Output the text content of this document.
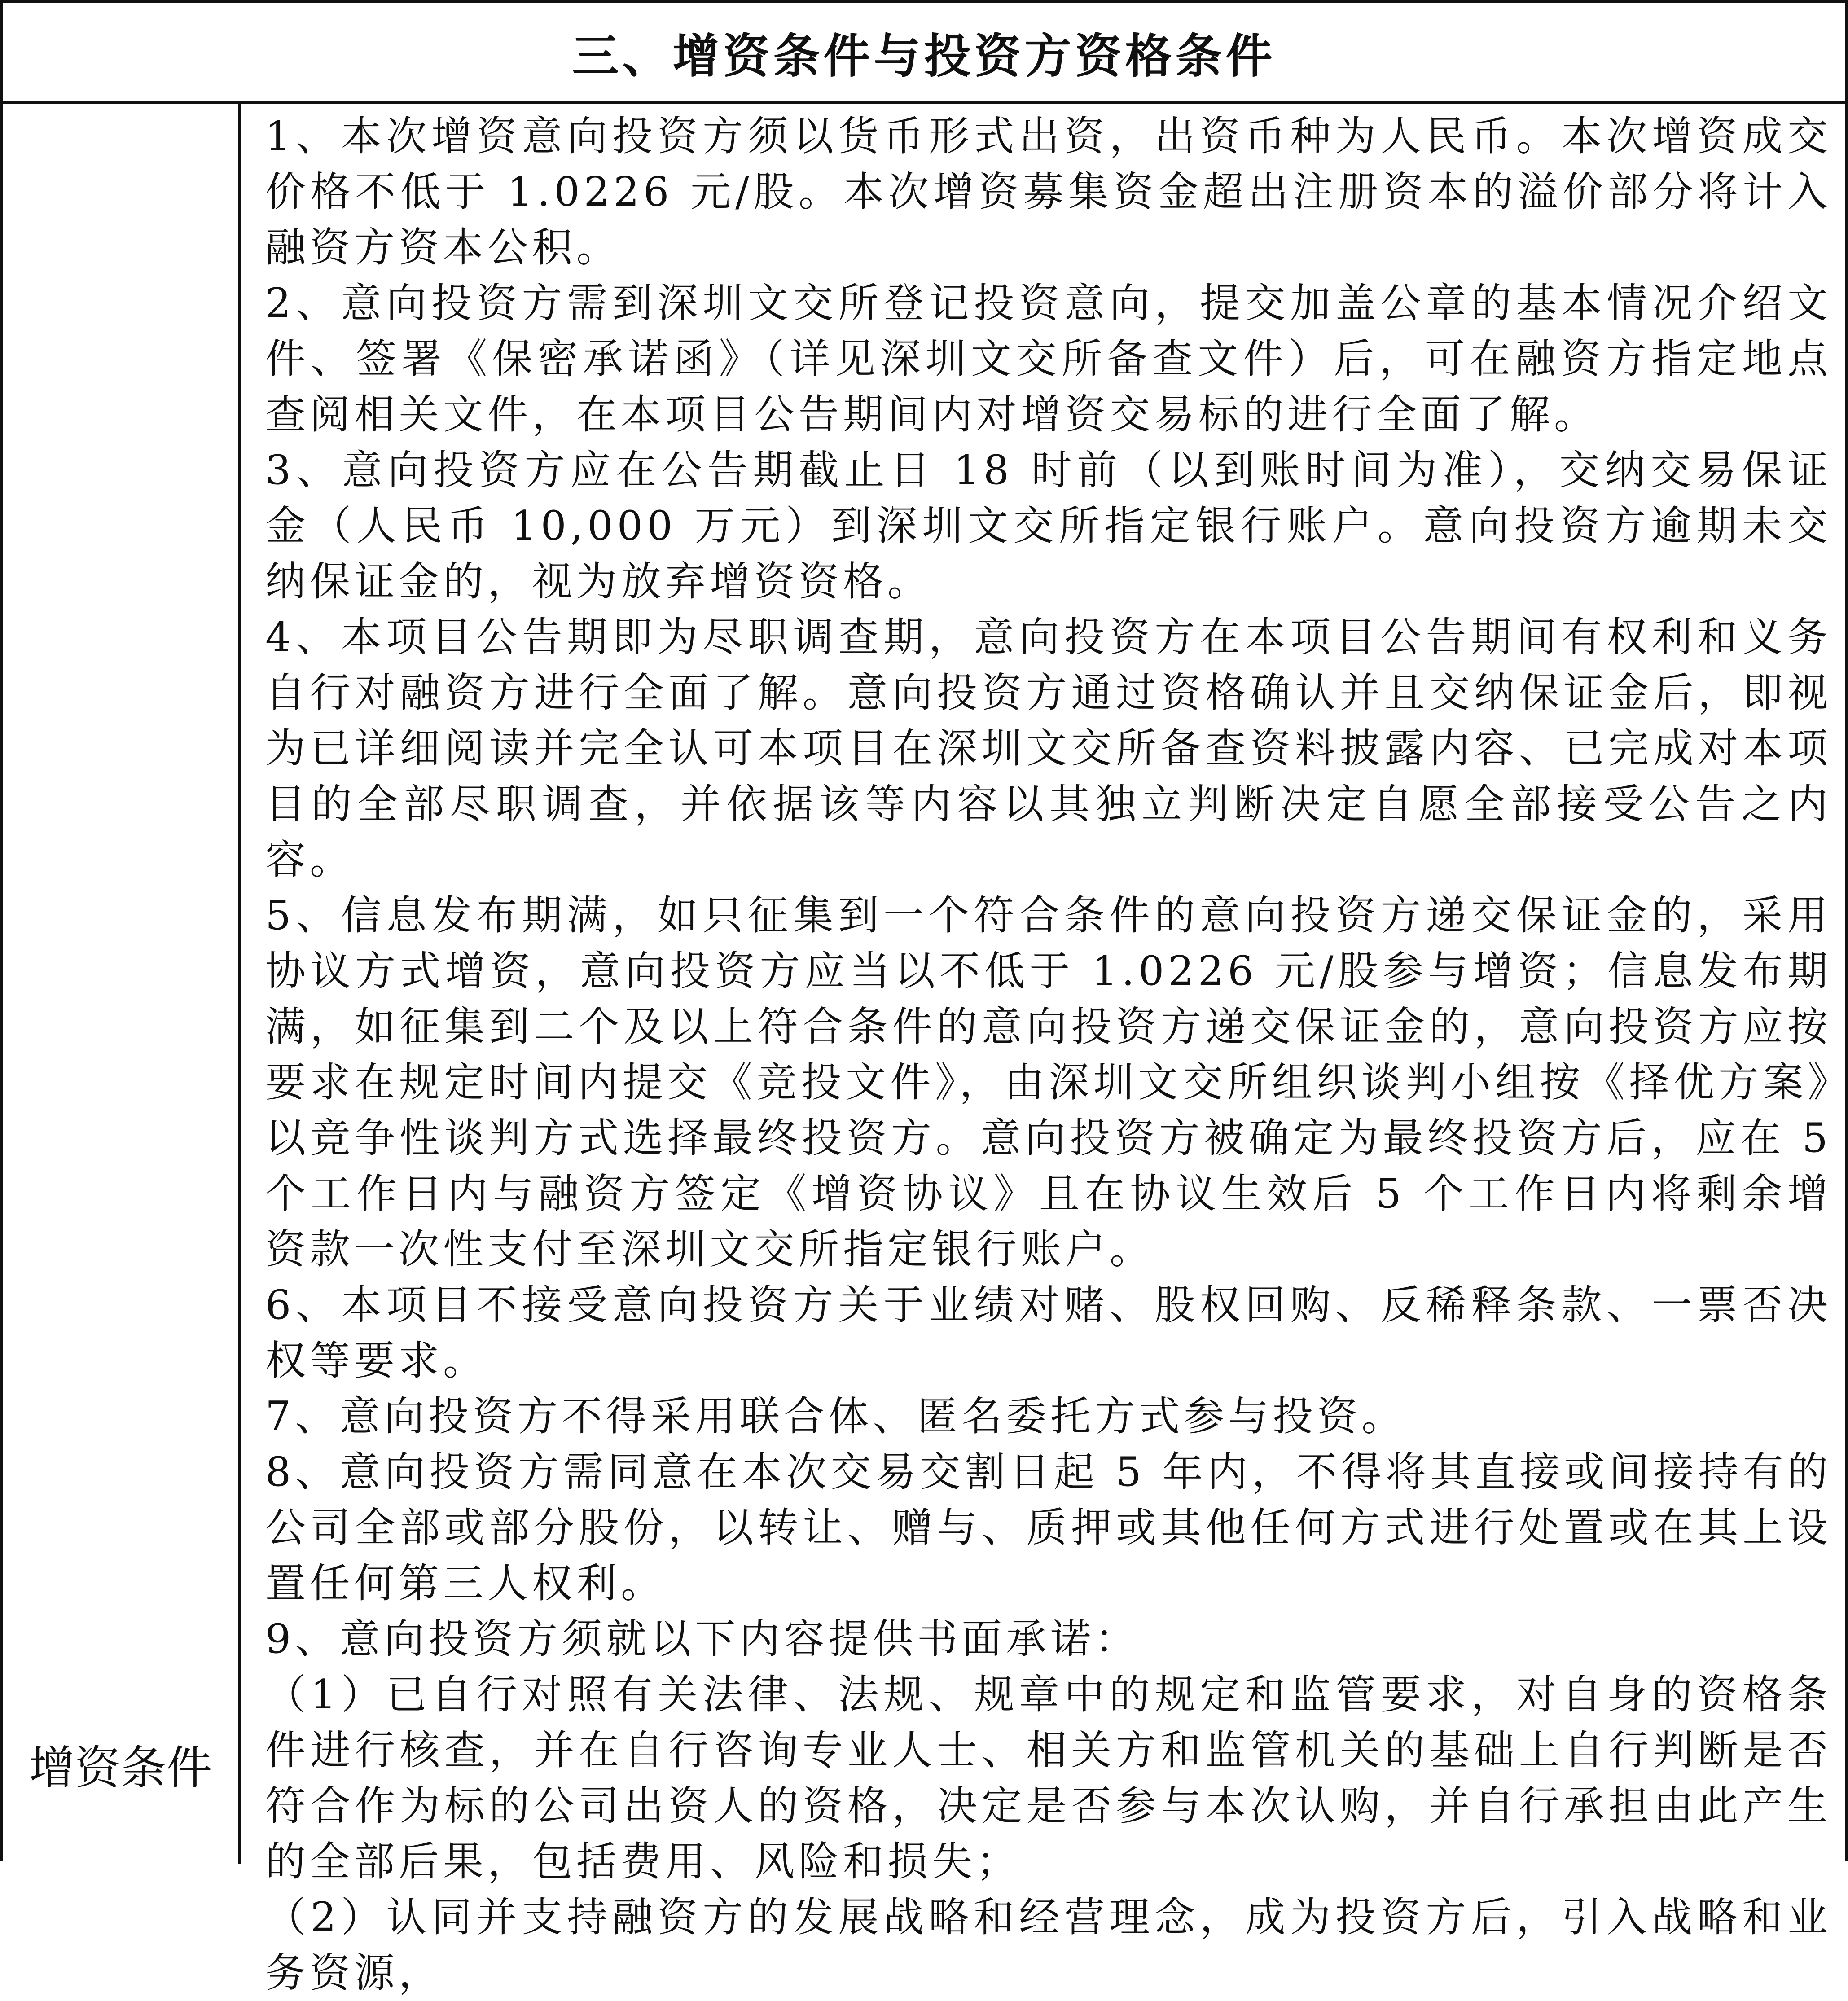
三、增资条件与投资方资格条件
增资条件

1、本次增资意向投资方须以货币形式出资，出资币种为人民币。本次增资成交价格不低于 1.0226 元/股。本次增资募集资金超出注册资本的溢价部分将计入融资方资本公积。

2、意向投资方需到深圳文交所登记投资意向，提交加盖公章的基本情况介绍文件、签署《保密承诺函》（详见深圳文交所备查文件）后，可在融资方指定地点查阅相关文件，在本项目公告期间内对增资交易标的进行全面了解。

3、意向投资方应在公告期截止日 18 时前（以到账时间为准），交纳交易保证金（人民币 10,000 万元）到深圳文交所指定银行账户。意向投资方逾期未交纳保证金的，视为放弃增资资格。

4、本项目公告期即为尽职调查期，意向投资方在本项目公告期间有权利和义务自行对融资方进行全面了解。意向投资方通过资格确认并且交纳保证金后，即视为已详细阅读并完全认可本项目在深圳文交所备查资料披露内容、已完成对本项目的全部尽职调查，并依据该等内容以其独立判断决定自愿全部接受公告之内容。

5、信息发布期满，如只征集到一个符合条件的意向投资方递交保证金的，采用协议方式增资，意向投资方应当以不低于 1.0226 元/股参与增资；信息发布期满，如征集到二个及以上符合条件的意向投资方递交保证金的，意向投资方应按要求在规定时间内提交《竞投文件》，由深圳文交所组织谈判小组按《择优方案》以竞争性谈判方式选择最终投资方。意向投资方被确定为最终投资方后，应在 5 个工作日内与融资方签定《增资协议》且在协议生效后 5 个工作日内将剩余增资款一次性支付至深圳文交所指定银行账户。

6、本项目不接受意向投资方关于业绩对赌、股权回购、反稀释条款、一票否决权等要求。

7、意向投资方不得采用联合体、匿名委托方式参与投资。

8、意向投资方需同意在本次交易交割日起 5 年内，不得将其直接或间接持有的公司全部或部分股份，以转让、赠与、质押或其他任何方式进行处置或在其上设置任何第三人权利。

9、意向投资方须就以下内容提供书面承诺：

（1）已自行对照有关法律、法规、规章中的规定和监管要求，对自身的资格条件进行核查，并在自行咨询专业人士、相关方和监管机关的基础上自行判断是否符合作为标的公司出资人的资格，决定是否参与本次认购，并自行承担由此产生的全部后果，包括费用、风险和损失；

（2）认同并支持融资方的发展战略和经营理念，成为投资方后，引入战略和业务资源，
